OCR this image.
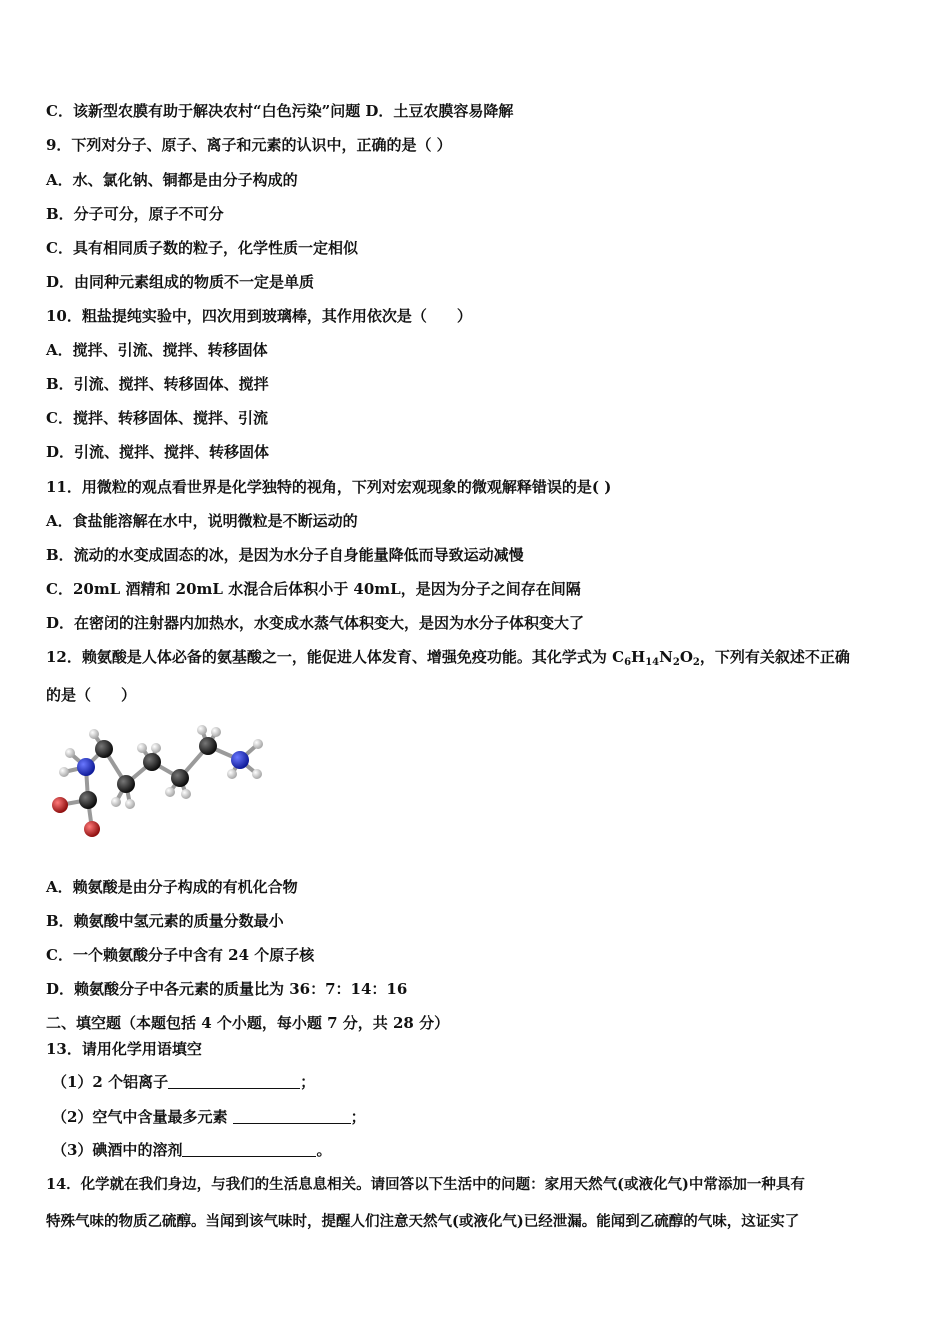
C．该新型农膜有助于解决农村“白色污染”问题 D．土豆农膜容易降解
9．下列对分子、原子、离子和元素的认识中，正确的是（ ）
A．水、氯化钠、铜都是由分子构成的
B．分子可分，原子不可分
C．具有相同质子数的粒子，化学性质一定相似
D．由同种元素组成的物质不一定是单质
10．粗盐提纯实验中，四次用到玻璃棒，其作用依次是（　　）
A．搅拌、引流、搅拌、转移固体
B．引流、搅拌、转移固体、搅拌
C．搅拌、转移固体、搅拌、引流
D．引流、搅拌、搅拌、转移固体
11．用微粒的观点看世界是化学独特的视角，下列对宏观现象的微观解释错误的是( )
A．食盐能溶解在水中，说明微粒是不断运动的
B．流动的水变成固态的冰，是因为水分子自身能量降低而导致运动减慢
C．20mL 酒精和 20mL 水混合后体积小于 40mL，是因为分子之间存在间隔
D．在密闭的注射器内加热水，水变成水蒸气体积变大，是因为水分子体积变大了
12．赖氨酸是人体必备的氨基酸之一，能促进人体发育、增强免疫功能。其化学式为 $C_6H_{14}N_2O_2$，下列有关叙述不正确
的是（　　）
A．赖氨酸是由分子构成的有机化合物
B．赖氨酸中氢元素的质量分数最小
C．一个赖氨酸分子中含有 24 个原子核
D．赖氨酸分子中各元素的质量比为 36：7：14：16
二、填空题（本题包括 4 个小题，每小题 7 分，共 28 分）
13．请用化学用语填空
（1）2 个铝离子	；
（2）空气中含量最多元素	；
（3）碘酒中的溶剂	。
14．化学就在我们身边，与我们的生活息息相关。请回答以下生活中的问题：家用天然气(或液化气)中常添加一种具有
特殊气味的物质乙硫醇。当闻到该气味时，提醒人们注意天然气(或液化气)已经泄漏。能闻到乙硫醇的气味，这证实了
